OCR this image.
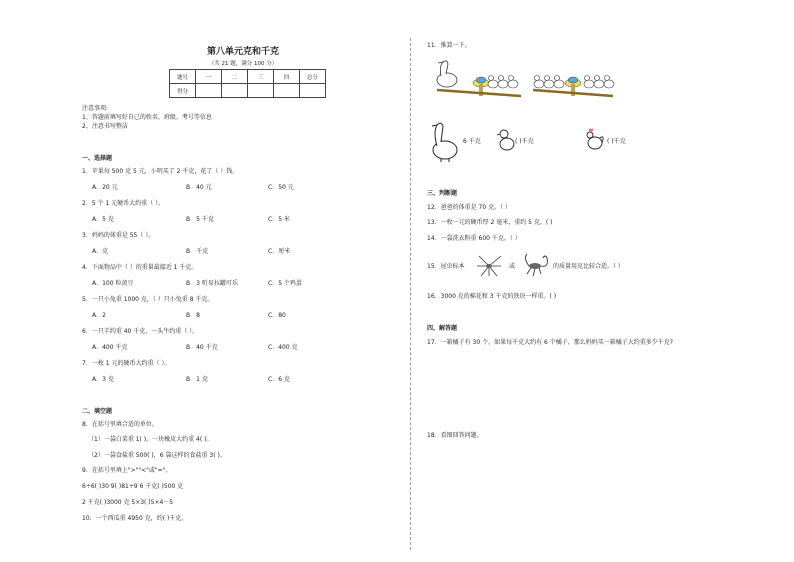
第八单元克和千克
（共 21 题，满分 100 分）
题号	一	二	三	四	总分
得分					
注意事项:
1、答题前填写好自己的姓名、班级、考号等信息
2、注意书写整洁
一、选择题
1．苹果每 500 克 5 元，小明买了 2 千克，花了（ ）钱。
A．20 元	B．40 元	C．50 元
2．5 个 1 元硬币大约重（ ）。
A．5 克	B．5 千克	C．5 米
3．妈妈的体重是 55（ ）。
A．克	B．千克	C．厘米
4．下面物品中（ ）的重量最接近 1 千克。
A．100 粒黄豆	B．3 听易拉罐可乐	C．5 个鸡蛋
5．一只小兔重 1000 克，（ ）只小兔重 8 千克。
A．2	B．8	C．80
6．一只羊约重 40 千克，一头牛约重（ ）。
A．400 千克	B．40 千克	C．400 克
7．一枚 1 元的硬币大约重（ ）。
A．3 克	B．1 克	C．6 克
二、填空题
8．在括号里填合适的单位。
（1）一袋白菜重 1( )。一块橡皮大约重 4( )。
（2）一袋食盐重 500( )，6 袋这样的食盐重 3( )。
9．在括号里填上">""<"或"="。
6÷6( )30 9( )81÷9 6 千克( )500 克
2 千克( )3000 克 5×3( )5×4－5
10．一个西瓜重 4950 克，约( )千克。
11．推算一下。
6 千克	( )千克	( )千克
三、判断题
12．爸爸的体重是 70 克。（ ）
13．一枚一元的硬币厚 2 毫米，重约 5 克。( )
14．一袋洗衣粉重 600 千克。（ ）
15．昆虫标本	或	的质量用克比较合适。（ ）
16．3000 克的棉花和 3 千克的铁块一样重。( )
四、解答题
17．一箱橘子有 30 个，如果每千克大约有 6 个橘子，那么妈妈买一箱橘子大约重多少千克?
18．看图回答问题。
